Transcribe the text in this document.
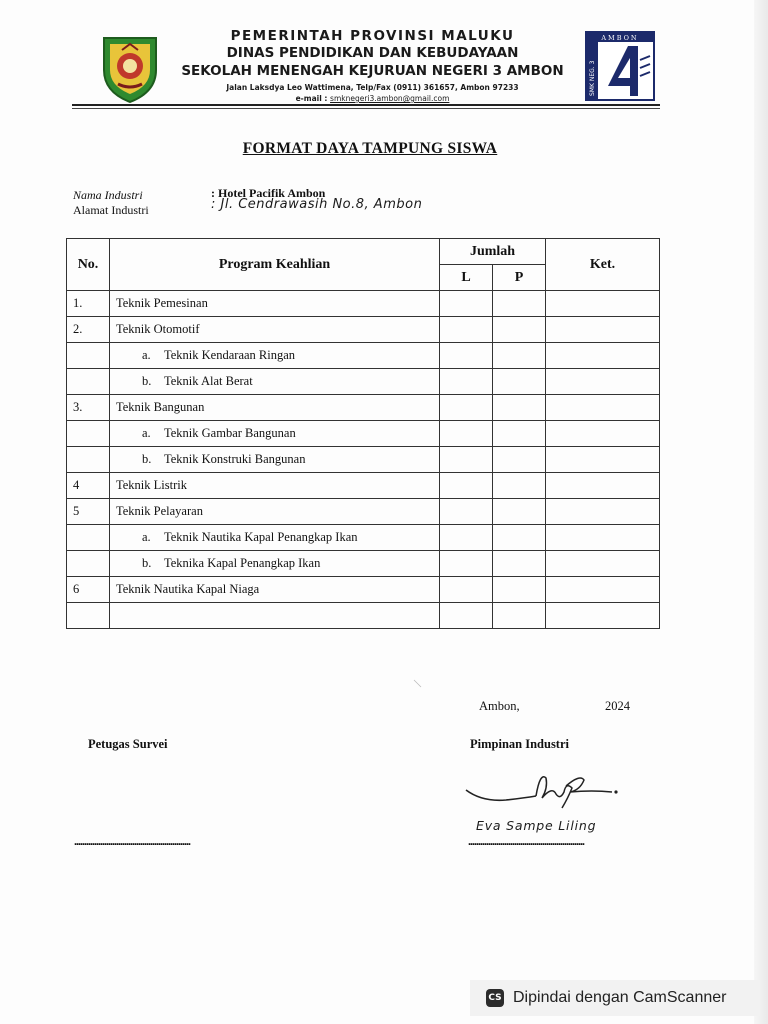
PEMERINTAH PROVINSI MALUKU
DINAS PENDIDIKAN DAN KEBUDAYAAN
SEKOLAH MENENGAH KEJURUAN NEGERI 3 AMBON
Jalan Laksdya Leo Wattimena, Telp/Fax (0911) 361657, Ambon 97233
e-mail : smknegeri3.ambon@gmail.com
AMBON
SMK NEG. 3
FORMAT DAYA TAMPUNG SISWA
Nama Industri	: Hotel Pacifik Ambon
Alamat Industri	: Jl. Cendrawasih No.8, Ambon
No.	Program Keahlian	Jumlah		Ket.
		L	P	
1.	Teknik Pemesinan			
2.	Teknik Otomotif			
	a. Teknik Kendaraan Ringan			
	b. Teknik Alat Berat			
3.	Teknik Bangunan			
	a. Teknik Gambar Bangunan			
	b. Teknik Konstruki Bangunan			
4	Teknik Listrik			
5	Teknik Pelayaran			
	a. Teknik Nautika Kapal Penangkap Ikan			
	b. Teknika Kapal Penangkap Ikan			
6	Teknik Nautika Kapal Niaga			

Ambon,	2024
Petugas Survei	Pimpinan Industri
Eva Sampe Liling
..........................................................	..........................................................
CS Dipindai dengan CamScanner
